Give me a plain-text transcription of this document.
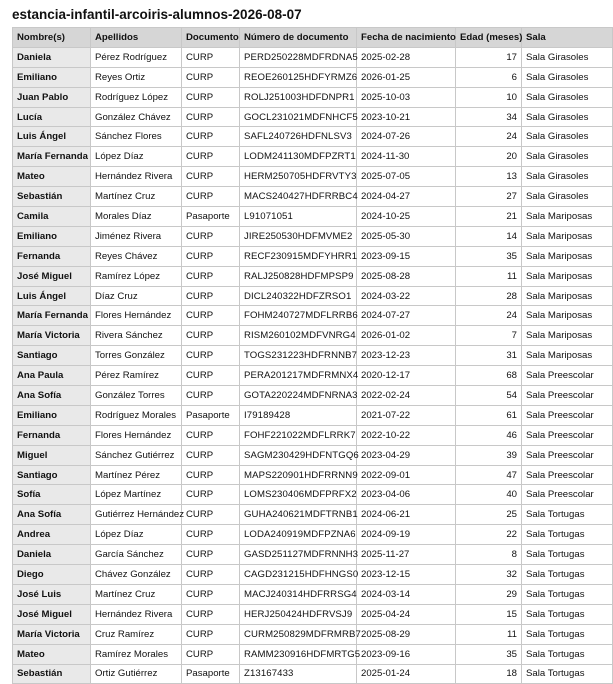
estancia-infantil-arcoiris-alumnos-2026-08-07
Nombre(s)	Apellidos	Documento	Número de documento	Fecha de nacimiento	Edad (meses)	Sala
Daniela	Pérez Rodríguez	CURP	PERD250228MDFRDNA5	2025-02-28	17	Sala Girasoles
Emiliano	Reyes Ortiz	CURP	REOE260125HDFYRMZ6	2026-01-25	6	Sala Girasoles
Juan Pablo	Rodríguez López	CURP	ROLJ251003HDFDNPR1	2025-10-03	10	Sala Girasoles
Lucía	González Chávez	CURP	GOCL231021MDFNHCF5	2023-10-21	34	Sala Girasoles
Luis Ángel	Sánchez Flores	CURP	SAFL240726HDFNLSV3	2024-07-26	24	Sala Girasoles
María Fernanda	López Díaz	CURP	LODM241130MDFPZRT1	2024-11-30	20	Sala Girasoles
Mateo	Hernández Rivera	CURP	HERM250705HDFRVTY3	2025-07-05	13	Sala Girasoles
Sebastián	Martínez Cruz	CURP	MACS240427HDFRRBC4	2024-04-27	27	Sala Girasoles
Camila	Morales Díaz	Pasaporte	L91071051	2024-10-25	21	Sala Mariposas
Emiliano	Jiménez Rivera	CURP	JIRE250530HDFMVME2	2025-05-30	14	Sala Mariposas
Fernanda	Reyes Chávez	CURP	RECF230915MDFYHRR1	2023-09-15	35	Sala Mariposas
José Miguel	Ramírez López	CURP	RALJ250828HDFMPSP9	2025-08-28	11	Sala Mariposas
Luis Ángel	Díaz Cruz	CURP	DICL240322HDFZRSO1	2024-03-22	28	Sala Mariposas
María Fernanda	Flores Hernández	CURP	FOHM240727MDFLRRB6	2024-07-27	24	Sala Mariposas
María Victoria	Rivera Sánchez	CURP	RISM260102MDFVNRG4	2026-01-02	7	Sala Mariposas
Santiago	Torres González	CURP	TOGS231223HDFRNNB7	2023-12-23	31	Sala Mariposas
Ana Paula	Pérez Ramírez	CURP	PERA201217MDFRMNX4	2020-12-17	68	Sala Preescolar
Ana Sofía	González Torres	CURP	GOTA220224MDFNRNA3	2022-02-24	54	Sala Preescolar
Emiliano	Rodríguez Morales	Pasaporte	I79189428	2021-07-22	61	Sala Preescolar
Fernanda	Flores Hernández	CURP	FOHF221022MDFLRRK7	2022-10-22	46	Sala Preescolar
Miguel	Sánchez Gutiérrez	CURP	SAGM230429HDFNTGQ6	2023-04-29	39	Sala Preescolar
Santiago	Martínez Pérez	CURP	MAPS220901HDFRRNN9	2022-09-01	47	Sala Preescolar
Sofía	López Martínez	CURP	LOMS230406MDFPRFX2	2023-04-06	40	Sala Preescolar
Ana Sofía	Gutiérrez Hernández	CURP	GUHA240621MDFTRNB1	2024-06-21	25	Sala Tortugas
Andrea	López Díaz	CURP	LODA240919MDFPZNA6	2024-09-19	22	Sala Tortugas
Daniela	García Sánchez	CURP	GASD251127MDFRNNH3	2025-11-27	8	Sala Tortugas
Diego	Chávez González	CURP	CAGD231215HDFHNGS0	2023-12-15	32	Sala Tortugas
José Luis	Martínez Cruz	CURP	MACJ240314HDFRRSG4	2024-03-14	29	Sala Tortugas
José Miguel	Hernández Rivera	CURP	HERJ250424HDFRVSJ9	2025-04-24	15	Sala Tortugas
María Victoria	Cruz Ramírez	CURP	CURM250829MDFRMRB7	2025-08-29	11	Sala Tortugas
Mateo	Ramírez Morales	CURP	RAMM230916HDFMRTG5	2023-09-16	35	Sala Tortugas
Sebastián	Ortiz Gutiérrez	Pasaporte	Z13167433	2025-01-24	18	Sala Tortugas
